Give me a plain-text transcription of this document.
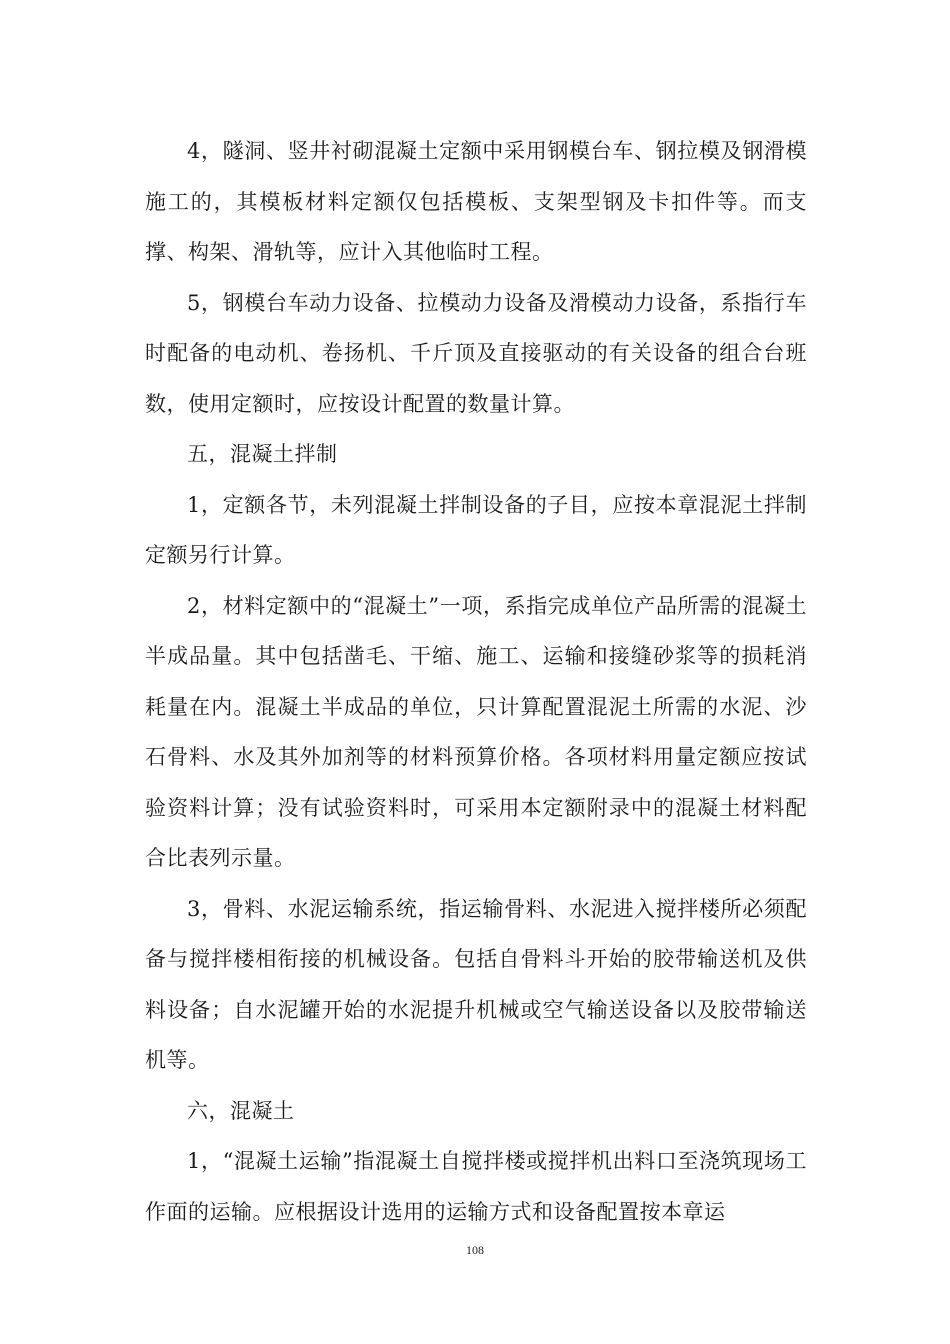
4，隧洞、竖井衬砌混凝土定额中采用钢模台车、钢拉模及钢滑模施工的，其模板材料定额仅包括模板、支架型钢及卡扣件等。而支撑、构架、滑轨等，应计入其他临时工程。

5，钢模台车动力设备、拉模动力设备及滑模动力设备，系指行车时配备的电动机、卷扬机、千斤顶及直接驱动的有关设备的组合台班数，使用定额时，应按设计配置的数量计算。

五，混凝土拌制

1，定额各节，未列混凝土拌制设备的子目，应按本章混泥土拌制定额另行计算。

2，材料定额中的“混凝土”一项，系指完成单位产品所需的混凝土半成品量。其中包括凿毛、干缩、施工、运输和接缝砂浆等的损耗消耗量在内。混凝土半成品的单位，只计算配置混泥土所需的水泥、沙石骨料、水及其外加剂等的材料预算价格。各项材料用量定额应按试验资料计算；没有试验资料时，可采用本定额附录中的混凝土材料配合比表列示量。

3，骨料、水泥运输系统，指运输骨料、水泥进入搅拌楼所必须配备与搅拌楼相衔接的机械设备。包括自骨料斗开始的胶带输送机及供料设备；自水泥罐开始的水泥提升机械或空气输送设备以及胶带输送机等。

六，混凝土

1，“混凝土运输”指混凝土自搅拌楼或搅拌机出料口至浇筑现场工作面的运输。应根据设计选用的运输方式和设备配置按本章运

108
